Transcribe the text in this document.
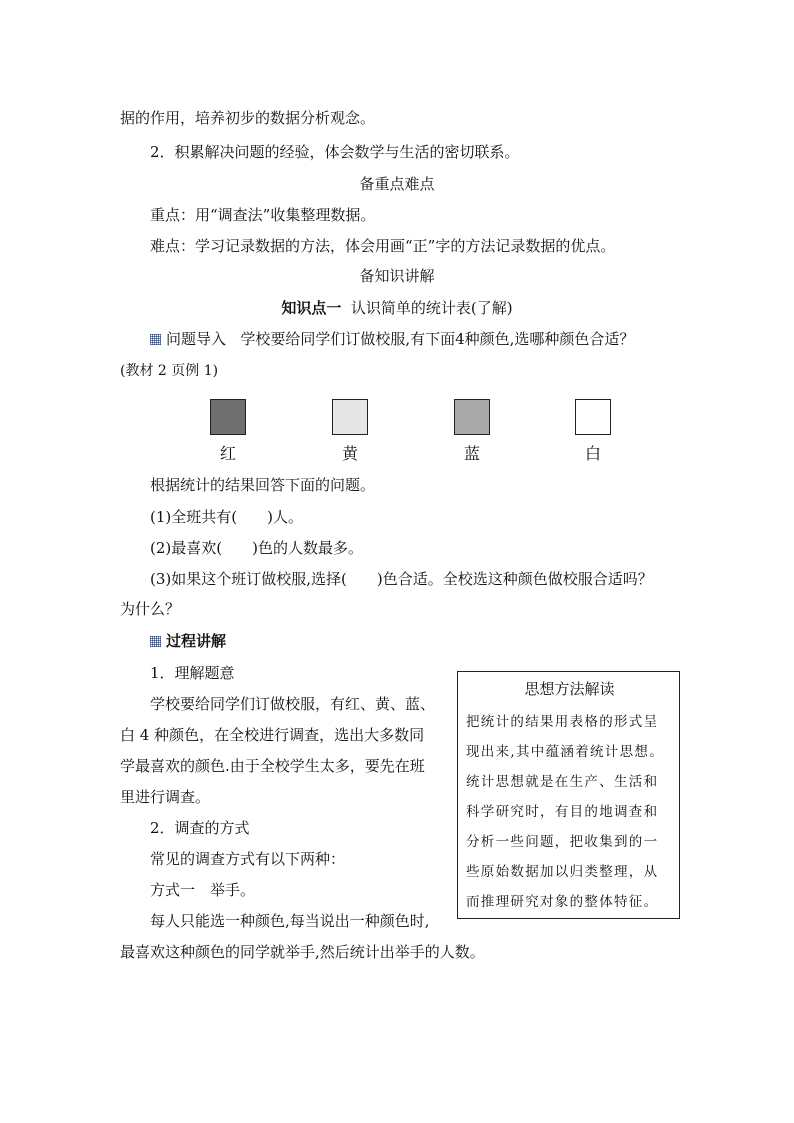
据的作用，培养初步的数据分析观念。
2．积累解决问题的经验，体会数学与生活的密切联系。
备重点难点
重点：用“调查法”收集整理数据。
难点：学习记录数据的方法，体会用画“正”字的方法记录数据的优点。
备知识讲解
知识点一 认识简单的统计表(了解)
问题导入 学校要给同学们订做校服,有下面4种颜色,选哪种颜色合适？
(教材 2 页例 1)
红	黄	蓝	白
根据统计的结果回答下面的问题。
(1)全班共有(　　)人。
(2)最喜欢(　　)色的人数最多。
(3)如果这个班订做校服,选择(　　)色合适。全校选这种颜色做校服合适吗？
为什么？
过程讲解
1．理解题意
学校要给同学们订做校服，有红、黄、蓝、
白 4 种颜色，在全校进行调查，选出大多数同
学最喜欢的颜色.由于全校学生太多，要先在班
里进行调查。
2．调查的方式
常见的调查方式有以下两种：
方式一　举手。
每人只能选一种颜色,每当说出一种颜色时,
最喜欢这种颜色的同学就举手,然后统计出举手的人数。
思想方法解读
把统计的结果用表格的形式呈
现出来,其中蕴涵着统计思想。
统计思想就是在生产、生活和
科学研究时，有目的地调查和
分析一些问题，把收集到的一
些原始数据加以归类整理，从
而推理研究对象的整体特征。
